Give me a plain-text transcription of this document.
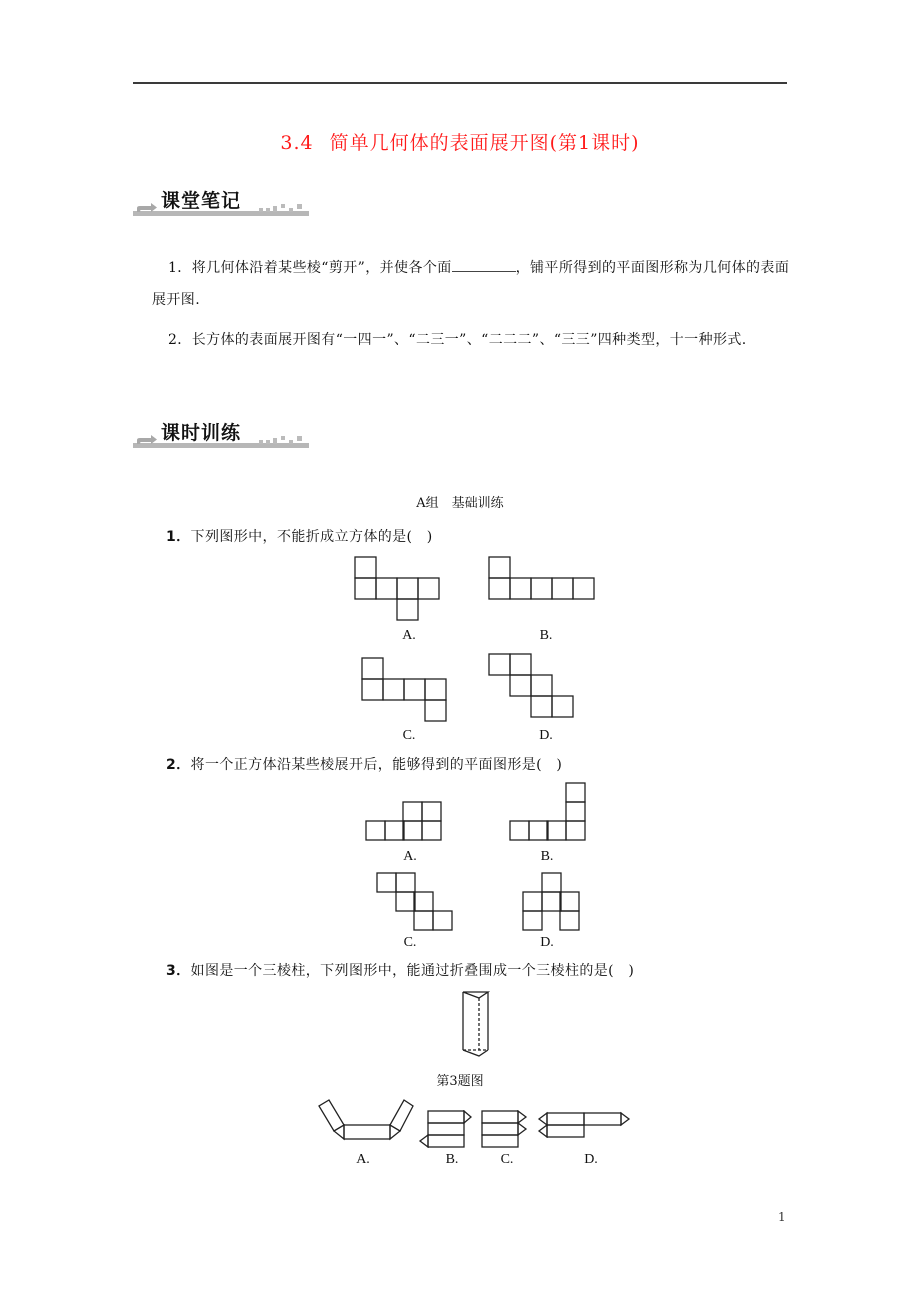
3.4 简单几何体的表面展开图(第1课时)
课堂笔记
1．将几何体沿着某些棱“剪开”，并使各个面	，铺平所得到的平面图形称为几何体的表面展开图.
2．长方体的表面展开图有“一四一”、“二三一”、“二二二”、“三三”四种类型，十一种形式.
课时训练
A组　基础训练
1．下列图形中，不能折成立方体的是(　)
A.	B.
C.	D.
2．将一个正方体沿某些棱展开后，能够得到的平面图形是(　)
A.	B.
C.	D.
3．如图是一个三棱柱，下列图形中，能通过折叠围成一个三棱柱的是(　)
第3题图
A.	B.	C.	D.
1
